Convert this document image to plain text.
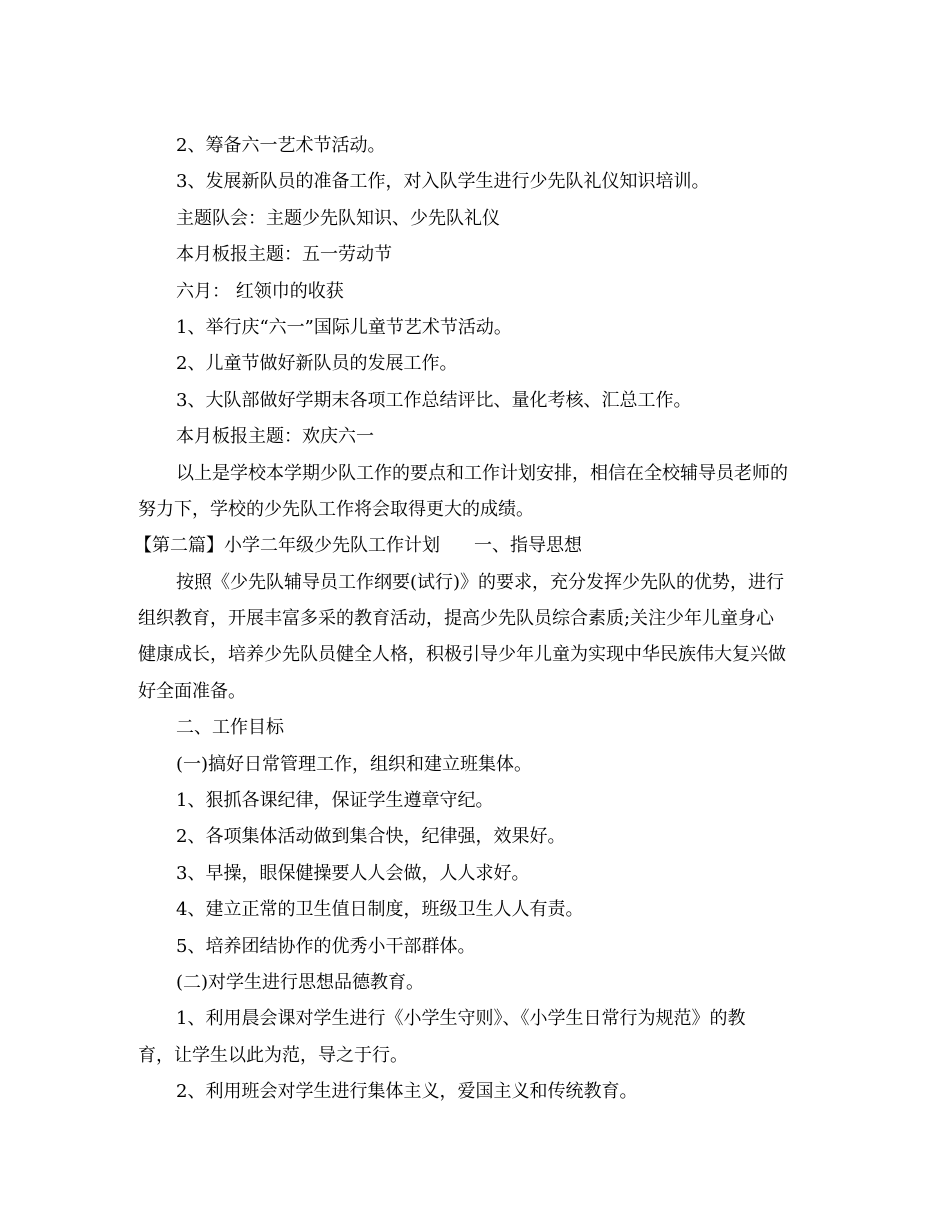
2、筹备六一艺术节活动。
3、发展新队员的准备工作，对入队学生进行少先队礼仪知识培训。
主题队会：主题少先队知识、少先队礼仪
本月板报主题：五一劳动节
六月： 红领巾的收获
1、举行庆“六一”国际儿童节艺术节活动。
2、儿童节做好新队员的发展工作。
3、大队部做好学期末各项工作总结评比、量化考核、汇总工作。
本月板报主题：欢庆六一
以上是学校本学期少队工作的要点和工作计划安排，相信在全校辅导员老师的
努力下，学校的少先队工作将会取得更大的成绩。
【第二篇】小学二年级少先队工作计划 一、指导思想
按照《少先队辅导员工作纲要(试行)》的要求，充分发挥少先队的优势，进行
组织教育，开展丰富多采的教育活动，提高少先队员综合素质;关注少年儿童身心
健康成长，培养少先队员健全人格，积极引导少年儿童为实现中华民族伟大复兴做
好全面准备。
二、工作目标
(一)搞好日常管理工作，组织和建立班集体。
1、狠抓各课纪律，保证学生遵章守纪。
2、各项集体活动做到集合快，纪律强，效果好。
3、早操，眼保健操要人人会做，人人求好。
4、建立正常的卫生值日制度，班级卫生人人有责。
5、培养团结协作的优秀小干部群体。
(二)对学生进行思想品德教育。
1、利用晨会课对学生进行《小学生守则》、《小学生日常行为规范》的教
育，让学生以此为范，导之于行。
2、利用班会对学生进行集体主义，爱国主义和传统教育。
